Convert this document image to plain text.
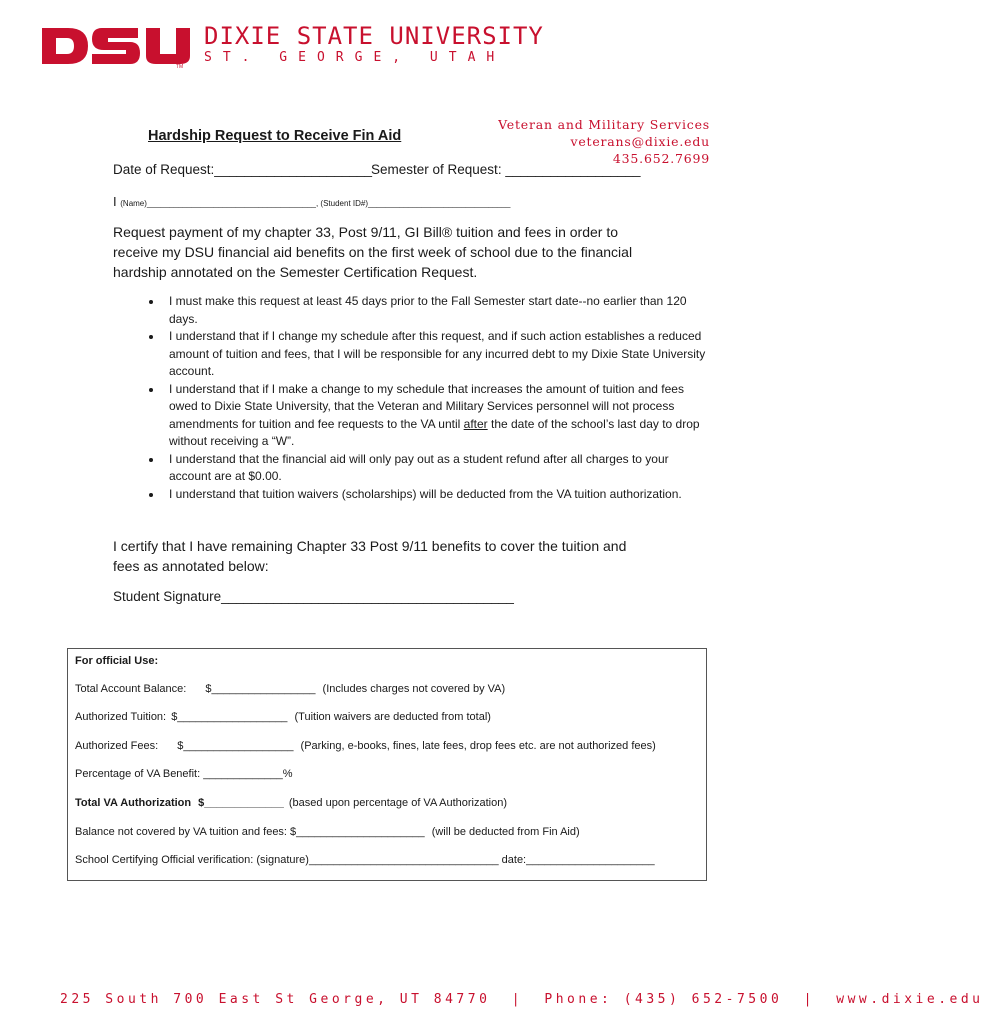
TM
DIXIE STATE UNIVERSITY
ST. GEORGE, UTAH
Veteran and Military Services
veterans@dixie.edu
435.652.7699
Hardship Request to Receive Fin Aid
Date of Request:_____________________ Semester of Request: __________________
I (Name)______________________________________, (Student ID#)________________________________
Request payment of my chapter 33, Post 9/11, GI Bill® tuition and fees in order to receive my DSU financial aid benefits on the first week of school due to the financial hardship annotated on the Semester Certification Request.
• I must make this request at least 45 days prior to the Fall Semester start date--no earlier than 120 days.
• I understand that if I change my schedule after this request, and if such action establishes a reduced amount of tuition and fees, that I will be responsible for any incurred debt to my Dixie State University account.
• I understand that if I make a change to my schedule that increases the amount of tuition and fees owed to Dixie State University, that the Veteran and Military Services personnel will not process amendments for tuition and fee requests to the VA until after the date of the school’s last day to drop without receiving a “W”.
• I understand that the financial aid will only pay out as a student refund after all charges to your account are at $0.00.
• I understand that tuition waivers (scholarships) will be deducted from the VA tuition authorization.
I certify that I have remaining Chapter 33 Post 9/11 benefits to cover the tuition and fees as annotated below:
Student Signature_______________________________________
For official Use:
Total Account Balance: $_________________ (Includes charges not covered by VA)
Authorized Tuition: $__________________ (Tuition waivers are deducted from total)
Authorized Fees: $__________________ (Parking, e-books, fines, late fees, drop fees etc. are not authorized fees)
Percentage of VA Benefit: _____________%
Total VA Authorization $_____________ (based upon percentage of VA Authorization)
Balance not covered by VA tuition and fees: $_____________________ (will be deducted from Fin Aid)
School Certifying Official verification: (signature)_______________________________ date:_____________________
225 South 700 East St George, UT 84770 | Phone: (435) 652-7500 | www.dixie.edu
